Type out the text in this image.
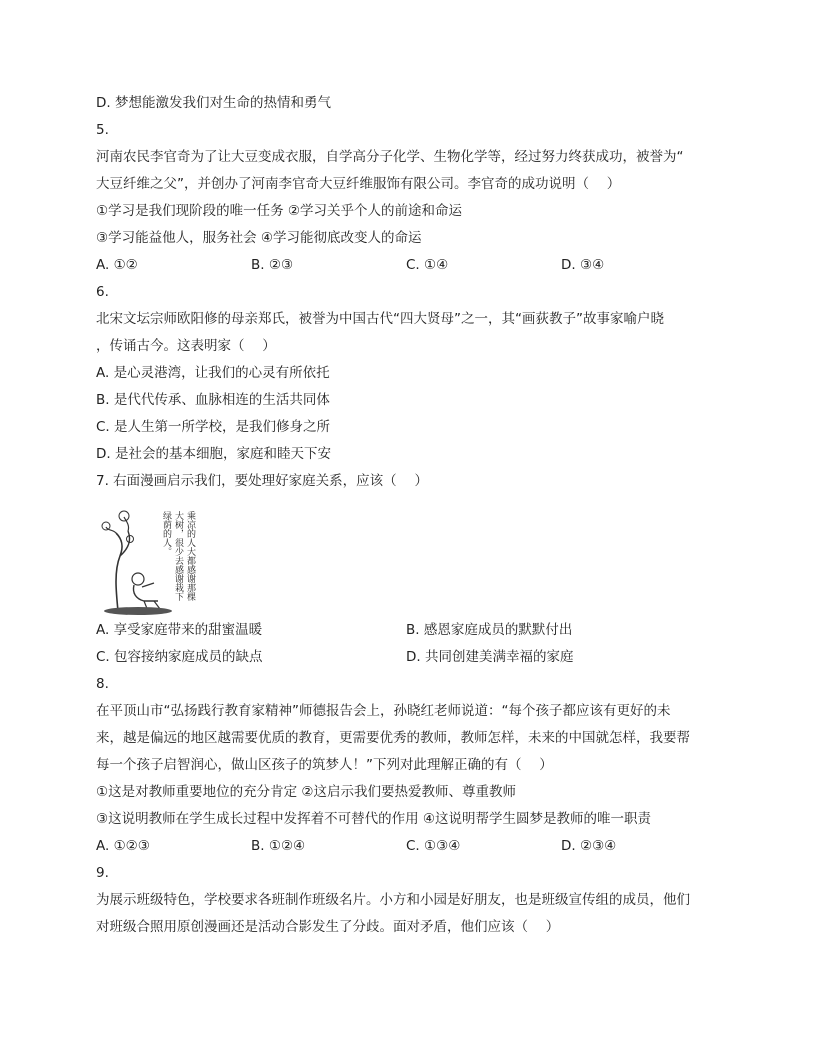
D. 梦想能激发我们对生命的热情和勇气
5.
河南农民李官奇为了让大豆变成衣服，自学高分子化学、生物化学等，经过努力终获成功，被誉为“
大豆纤维之父”，并创办了河南李官奇大豆纤维服饰有限公司。李官奇的成功说明（　 ）
①学习是我们现阶段的唯一任务 ②学习关乎个人的前途和命运
③学习能益他人，服务社会 ④学习能彻底改变人的命运
A. ①②	B. ②③	C. ①④	D. ③④
6.
北宋文坛宗师欧阳修的母亲郑氏，被誉为中国古代“四大贤母”之一，其“画荻教子”故事家喻户晓
，传诵古今。这表明家（　 ）
A. 是心灵港湾，让我们的心灵有所依托
B. 是代代传承、血脉相连的生活共同体
C. 是人生第一所学校，是我们修身之所
D. 是社会的基本细胞，家庭和睦天下安
7. 右面漫画启示我们，要处理好家庭关系，应该（　 ）
乘凉的人大都感谢那棵
大树，很少去感谢栽下
绿荫的人。
A. 享受家庭带来的甜蜜温暖	B. 感恩家庭成员的默默付出
C. 包容接纳家庭成员的缺点	D. 共同创建美满幸福的家庭
8.
在平顶山市“弘扬践行教育家精神”师德报告会上，孙晓红老师说道：“每个孩子都应该有更好的未
来，越是偏远的地区越需要优质的教育，更需要优秀的教师，教师怎样，未来的中国就怎样，我要帮
每一个孩子启智润心，做山区孩子的筑梦人！”下列对此理解正确的有（　 ）
①这是对教师重要地位的充分肯定 ②这启示我们要热爱教师、尊重教师
③这说明教师在学生成长过程中发挥着不可替代的作用 ④这说明帮学生圆梦是教师的唯一职责
A. ①②③	B. ①②④	C. ①③④	D. ②③④
9.
为展示班级特色，学校要求各班制作班级名片。小方和小园是好朋友，也是班级宣传组的成员，他们
对班级合照用原创漫画还是活动合影发生了分歧。面对矛盾，他们应该（　 ）
